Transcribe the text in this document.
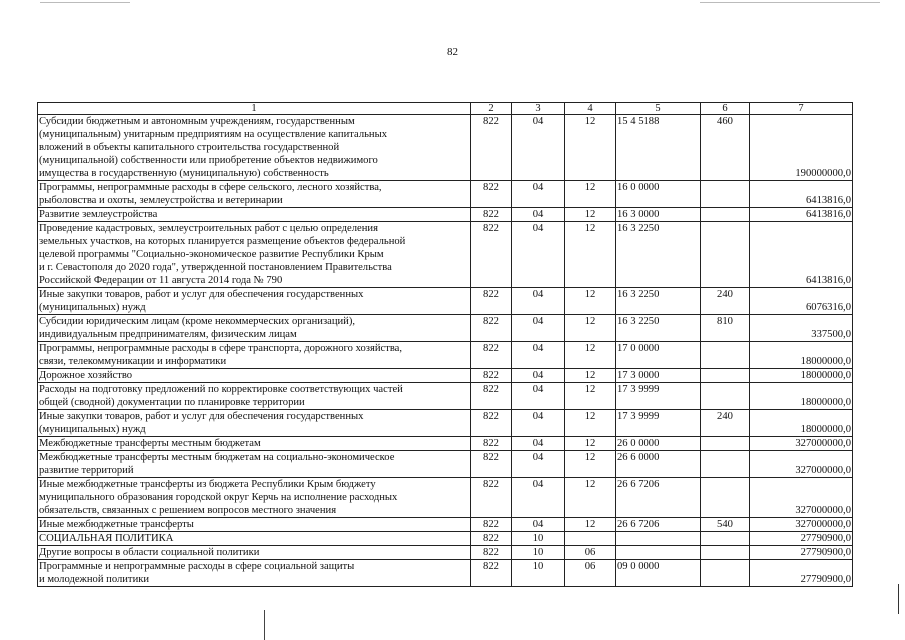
82
1	2	3	4	5	6	7

Субсидии бюджетным и автономным учреждениям, государственным
(муниципальным) унитарным предприятиям на осуществление капитальных
вложений в объекты капитального строительства государственной
(муниципальной) собственности или приобретение объектов недвижимого
имущества в государственную (муниципальную) собственность	822	04	12	15 4 5188	460	190000000,0

Программы, непрограммные расходы в сфере сельского, лесного хозяйства,
рыболовства и охоты, землеустройства и ветеринарии	822	04	12	16 0 0000		6413816,0

Развитие землеустройства	822	04	12	16 3 0000		6413816,0

Проведение кадастровых, землеустроительных работ с целью определения
земельных участков, на которых планируется размещение объектов федеральной
целевой программы "Социально-экономическое развитие Республики Крым
и г. Севастополя до 2020 года", утвержденной постановлением Правительства
Российской Федерации от 11 августа 2014 года № 790	822	04	12	16 3 2250		6413816,0

Иные закупки товаров, работ и услуг для обеспечения государственных
(муниципальных) нужд	822	04	12	16 3 2250	240	6076316,0

Субсидии юридическим лицам (кроме некоммерческих организаций),
индивидуальным предпринимателям, физическим лицам	822	04	12	16 3 2250	810	337500,0

Программы, непрограммные расходы в сфере транспорта, дорожного хозяйства,
связи, телекоммуникации и информатики	822	04	12	17 0 0000		18000000,0

Дорожное хозяйство	822	04	12	17 3 0000		18000000,0

Расходы на подготовку предложений по корректировке соответствующих частей
общей (сводной) документации по планировке территории	822	04	12	17 3 9999		18000000,0

Иные закупки товаров, работ и услуг для обеспечения государственных
(муниципальных) нужд	822	04	12	17 3 9999	240	18000000,0

Межбюджетные трансферты местным бюджетам	822	04	12	26 0 0000		327000000,0

Межбюджетные трансферты местным бюджетам на социально-экономическое
развитие территорий	822	04	12	26 6 0000		327000000,0

Иные межбюджетные трансферты из бюджета Республики Крым бюджету
муниципального образования городской округ Керчь на исполнение расходных
обязательств, связанных с решением вопросов местного значения	822	04	12	26 6 7206		327000000,0

Иные межбюджетные трансферты	822	04	12	26 6 7206	540	327000000,0

СОЦИАЛЬНАЯ ПОЛИТИКА	822	10				27790900,0

Другие вопросы в области социальной политики	822	10	06			27790900,0

Программные и непрограммные расходы в сфере социальной защиты
и молодежной политики	822	10	06	09 0 0000		27790900,0
